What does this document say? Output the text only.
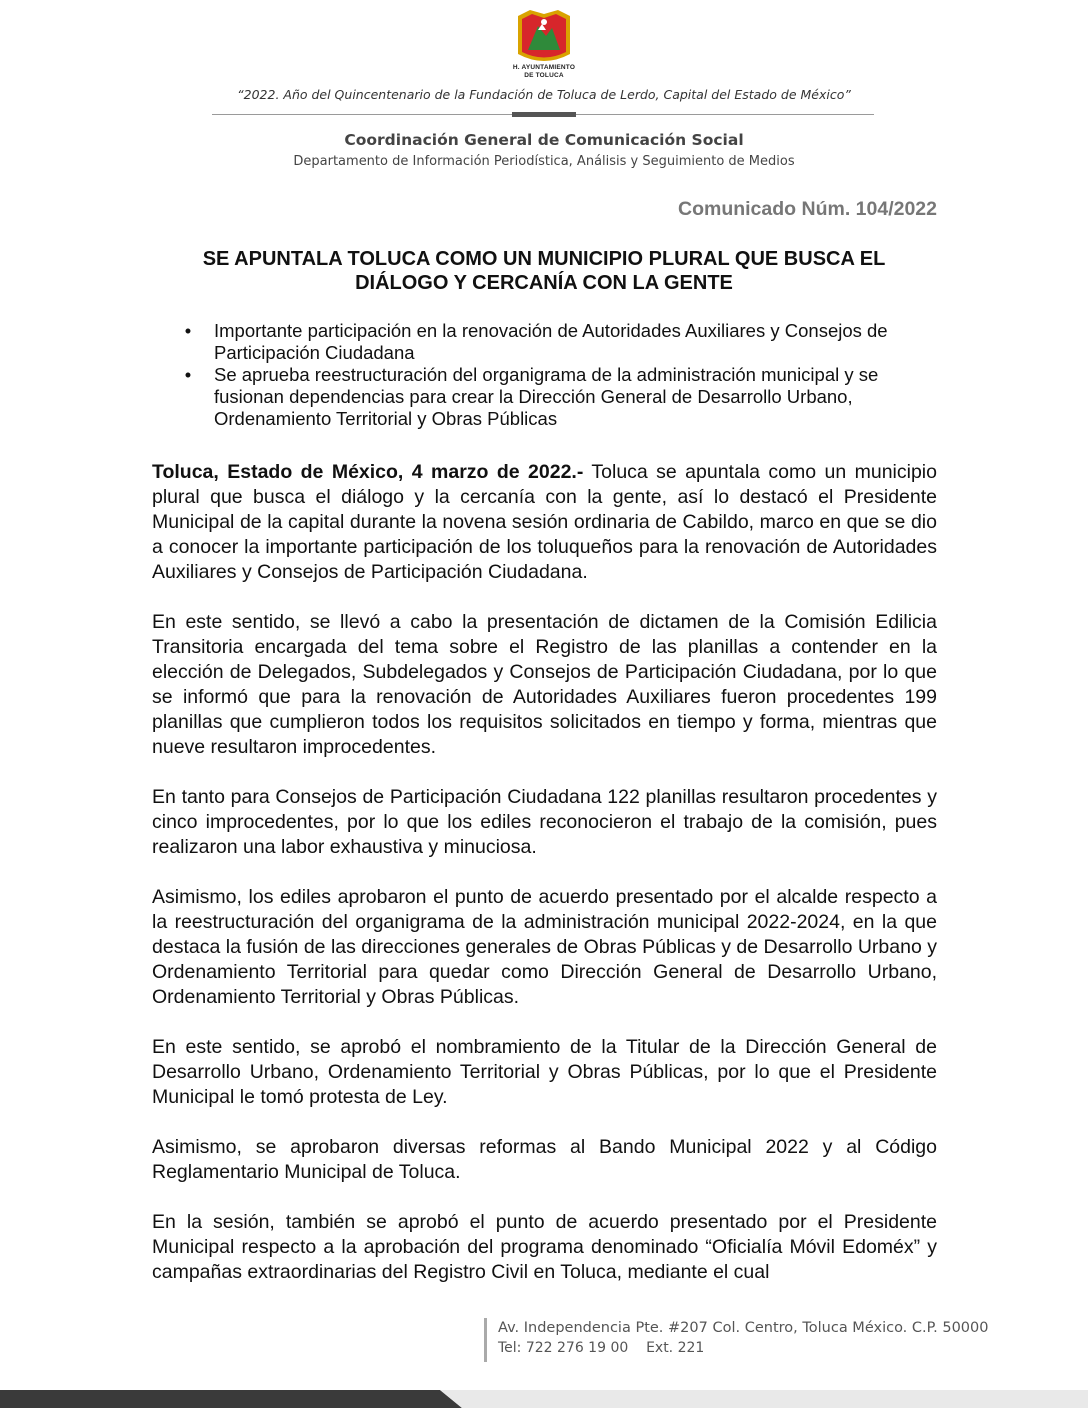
H. AYUNTAMIENTO
DE TOLUCA
“2022. Año del Quincentenario de la Fundación de Toluca de Lerdo, Capital del Estado de México”
Coordinación General de Comunicación Social
Departamento de Información Periodística, Análisis y Seguimiento de Medios
Comunicado Núm. 104/2022
SE APUNTALA TOLUCA COMO UN MUNICIPIO PLURAL QUE BUSCA EL
DIÁLOGO Y CERCANÍA CON LA GENTE
• Importante participación en la renovación de Autoridades Auxiliares y Consejos de Participación Ciudadana
• Se aprueba reestructuración del organigrama de la administración municipal y se fusionan dependencias para crear la Dirección General de Desarrollo Urbano, Ordenamiento Territorial y Obras Públicas

Toluca, Estado de México, 4 marzo de 2022.- Toluca se apuntala como un municipio plural que busca el diálogo y la cercanía con la gente, así lo destacó el Presidente Municipal de la capital durante la novena sesión ordinaria de Cabildo, marco en que se dio a conocer la importante participación de los toluqueños para la renovación de Autoridades Auxiliares y Consejos de Participación Ciudadana.

En este sentido, se llevó a cabo la presentación de dictamen de la Comisión Edilicia Transitoria encargada del tema sobre el Registro de las planillas a contender en la elección de Delegados, Subdelegados y Consejos de Participación Ciudadana, por lo que se informó que para la renovación de Autoridades Auxiliares fueron procedentes 199 planillas que cumplieron todos los requisitos solicitados en tiempo y forma, mientras que nueve resultaron improcedentes.

En tanto para Consejos de Participación Ciudadana 122 planillas resultaron procedentes y cinco improcedentes, por lo que los ediles reconocieron el trabajo de la comisión, pues realizaron una labor exhaustiva y minuciosa.

Asimismo, los ediles aprobaron el punto de acuerdo presentado por el alcalde respecto a la reestructuración del organigrama de la administración municipal 2022-2024, en la que destaca la fusión de las direcciones generales de Obras Públicas y de Desarrollo Urbano y Ordenamiento Territorial para quedar como Dirección General de Desarrollo Urbano, Ordenamiento Territorial y Obras Públicas.

En este sentido, se aprobó el nombramiento de la Titular de la Dirección General de Desarrollo Urbano, Ordenamiento Territorial y Obras Públicas, por lo que el Presidente Municipal le tomó protesta de Ley.

Asimismo, se aprobaron diversas reformas al Bando Municipal 2022 y al Código Reglamentario Municipal de Toluca.

En la sesión, también se aprobó el punto de acuerdo presentado por el Presidente Municipal respecto a la aprobación del programa denominado “Oficialía Móvil Edoméx” y campañas extraordinarias del Registro Civil en Toluca, mediante el cual

Av. Independencia Pte. #207 Col. Centro, Toluca México. C.P. 50000
Tel: 722 276 19 00    Ext. 221
